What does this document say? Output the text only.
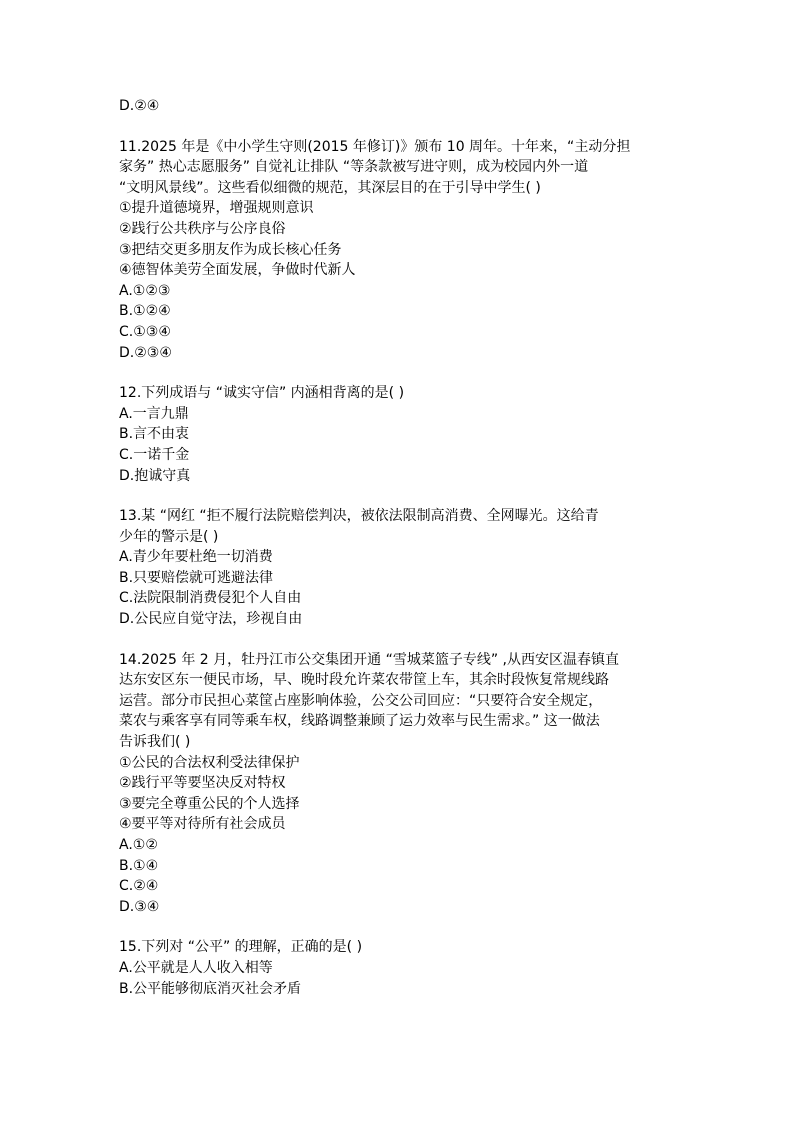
D.②④

11.2025 年是《中小学生守则(2015 年修订)》颁布 10 周年。十年来，“主动分担

家务” 热心志愿服务” 自觉礼让排队 “等条款被写进守则，成为校园内外一道

“文明风景线”。这些看似细微的规范，其深层目的在于引导中学生( )

①提升道德境界，增强规则意识

②践行公共秩序与公序良俗

③把结交更多朋友作为成长核心任务

④德智体美劳全面发展，争做时代新人

A.①②③

B.①②④

C.①③④

D.②③④

12.下列成语与 “诚实守信” 内涵相背离的是( )

A.一言九鼎

B.言不由衷

C.一诺千金

D.抱诚守真

13.某 “网红 “拒不履行法院赔偿判决，被依法限制高消费、全网曝光。这给青

少年的警示是( )

A.青少年要杜绝一切消费

B.只要赔偿就可逃避法律

C.法院限制消费侵犯个人自由

D.公民应自觉守法，珍视自由

14.2025 年 2 月，牡丹江市公交集团开通 “雪城菜篮子专线” ,从西安区温春镇直

达东安区东一便民市场，早、晚时段允许菜农带筐上车，其余时段恢复常规线路

运营。部分市民担心菜筐占座影响体验，公交公司回应：“只要符合安全规定，

菜农与乘客享有同等乘车权，线路调整兼顾了运力效率与民生需求。” 这一做法

告诉我们( )

①公民的合法权利受法律保护

②践行平等要坚决反对特权

③要完全尊重公民的个人选择

④要平等对待所有社会成员

A.①②

B.①④

C.②④

D.③④

15.下列对 “公平” 的理解，正确的是( )

A.公平就是人人收入相等

B.公平能够彻底消灭社会矛盾
